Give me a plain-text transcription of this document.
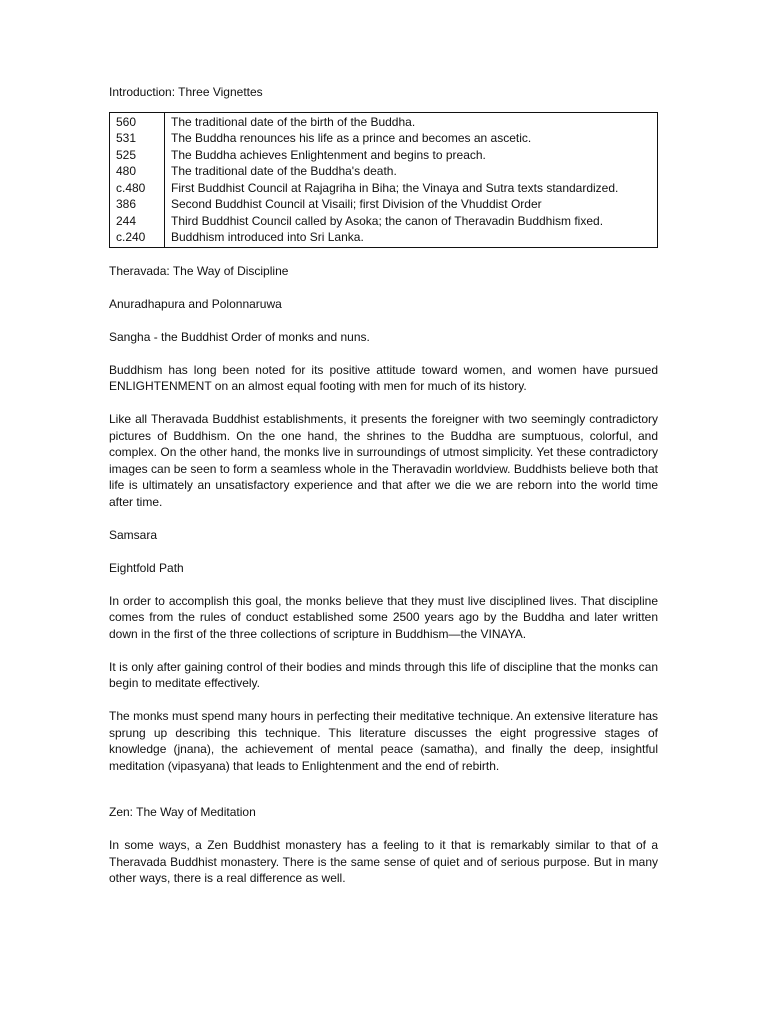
Introduction: Three Vignettes
560	The traditional date of the birth of the Buddha.
531	The Buddha renounces his life as a prince and becomes an ascetic.
525	The Buddha achieves Enlightenment and begins to preach.
480	The traditional date of the Buddha's death.
c.480	First Buddhist Council at Rajagriha in Biha; the Vinaya and Sutra texts standardized.
386	Second Buddhist Council at Visaili; first Division of the Vhuddist Order
244	Third Buddhist Council called by Asoka; the canon of Theravadin Buddhism fixed.
c.240	Buddhism introduced into Sri Lanka.

Theravada: The Way of Discipline

Anuradhapura and Polonnaruwa

Sangha - the Buddhist Order of monks and nuns.

Buddhism has long been noted for its positive attitude toward women, and women have pursued ENLIGHTENMENT on an almost equal footing with men for much of its history.

Like all Theravada Buddhist establishments, it presents the foreigner with two seemingly contradictory pictures of Buddhism. On the one hand, the shrines to the Buddha are sumptuous, colorful, and complex. On the other hand, the monks live in surroundings of utmost simplicity. Yet these contradictory images can be seen to form a seamless whole in the Theravadin worldview. Buddhists believe both that life is ultimately an unsatisfactory experience and that after we die we are reborn into the world time after time.

Samsara

Eightfold Path

In order to accomplish this goal, the monks believe that they must live disciplined lives. That discipline comes from the rules of conduct established some 2500 years ago by the Buddha and later written down in the first of the three collections of scripture in Buddhism—the VINAYA.

It is only after gaining control of their bodies and minds through this life of discipline that the monks can begin to meditate effectively.

The monks must spend many hours in perfecting their meditative technique. An extensive literature has sprung up describing this technique. This literature discusses the eight progressive stages of knowledge (jnana), the achievement of mental peace (samatha), and finally the deep, insightful meditation (vipasyana) that leads to Enlightenment and the end of rebirth.

Zen: The Way of Meditation

In some ways, a Zen Buddhist monastery has a feeling to it that is remarkably similar to that of a Theravada Buddhist monastery. There is the same sense of quiet and of serious purpose. But in many other ways, there is a real difference as well.
